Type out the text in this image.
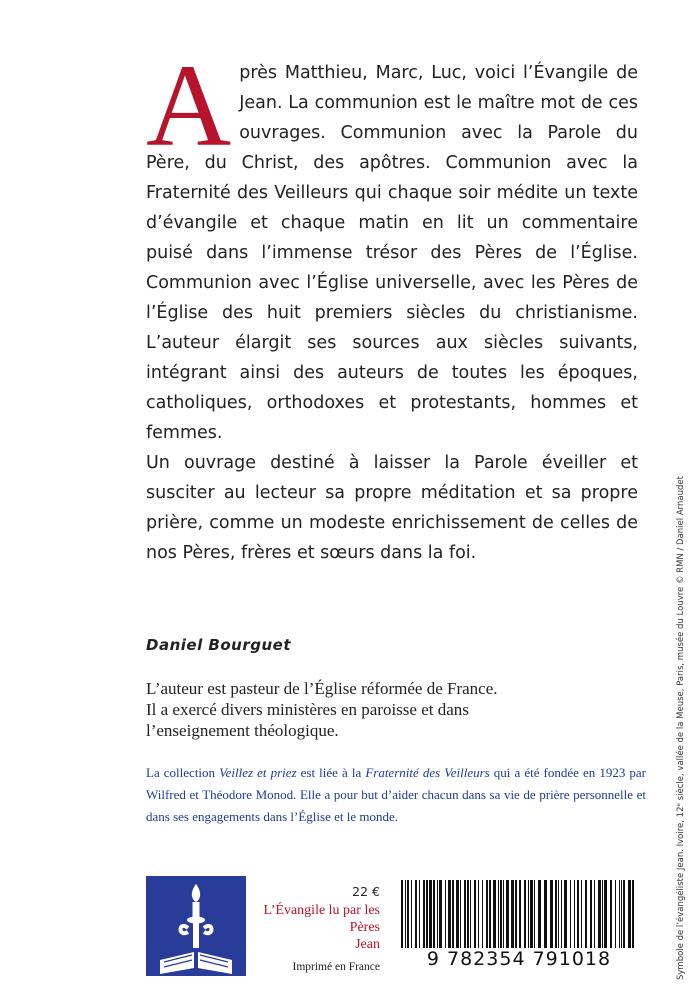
Après Matthieu, Marc, Luc, voici l’Évangile de Jean. La communion est le maître mot de ces ouvrages. Communion avec la Parole du Père, du Christ, des apôtres. Communion avec la Fraternité des Veilleurs qui chaque soir médite un texte d’évangile et chaque matin en lit un commentaire puisé dans l’immense trésor des Pères de l’Église. Communion avec l’Église universelle, avec les Pères de l’Église des huit premiers siècles du christianisme. L’auteur élargit ses sources aux siècles suivants, intégrant ainsi des auteurs de toutes les époques, catholiques, orthodoxes et protestants, hommes et femmes.

Un ouvrage destiné à laisser la Parole éveiller et susciter au lecteur sa propre méditation et sa propre prière, comme un modeste enrichissement de celles de nos Pères, frères et sœurs dans la foi.

Daniel Bourguet
L’auteur est pasteur de l’Église réformée de France.
Il a exercé divers ministères en paroisse et dans
l’enseignement théologique.
La collection Veillez et priez est liée à la Fraternité des Veilleurs qui a été fondée en 1923 par Wilfred et Théodore Monod. Elle a pour but d’aider chacun dans sa vie de prière personnelle et dans ses engagements dans l’Église et le monde.
22 €
L’Évangile lu par les Pères
Jean
Imprimé en France	9 782354 791018	Symbole de l’évangéliste Jean. Ivoire, 12ᵉ siècle, vallée de la Meuse, Paris, musée du Louvre © RMN / Daniel Arnaudet
